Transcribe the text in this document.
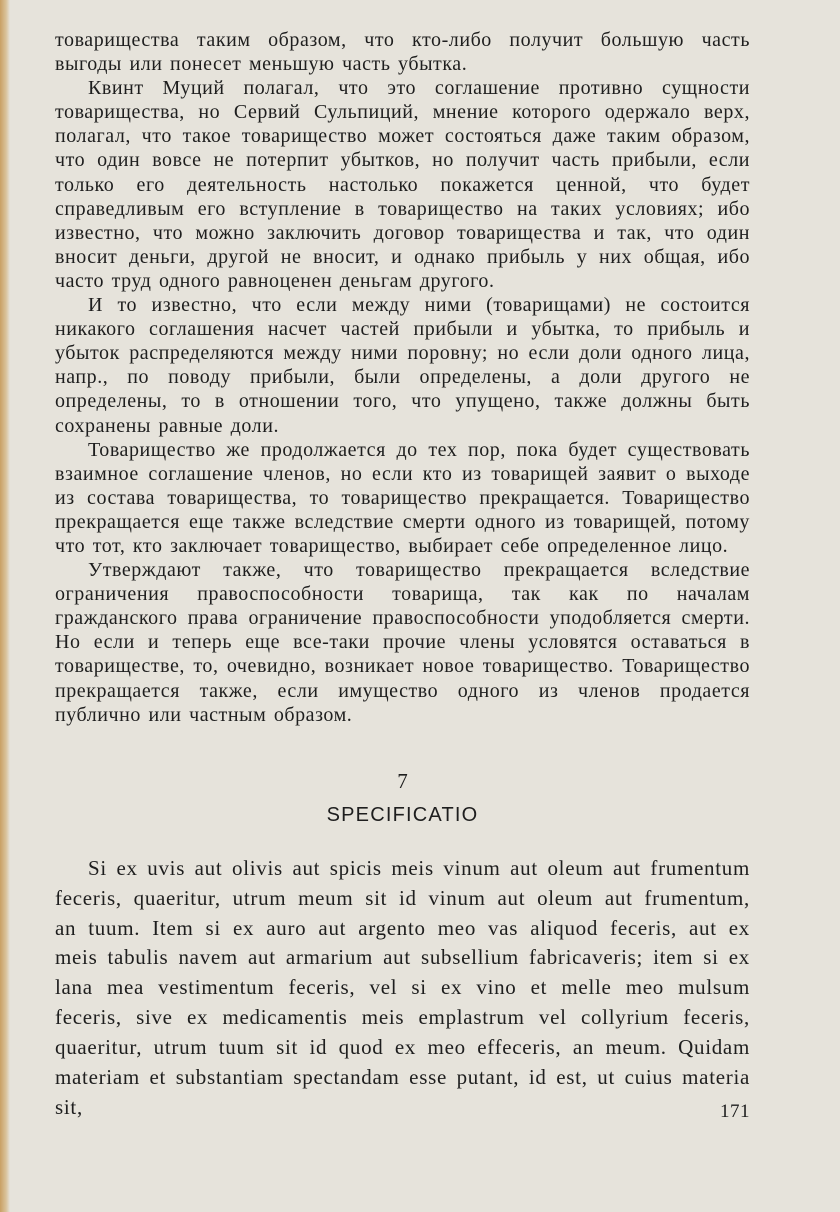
товарищества таким образом, что кто-либо получит большую часть выгоды или понесет меньшую часть убытка.

Квинт Муций полагал, что это соглашение противно сущности товарищества, но Сервий Сульпиций, мнение которого одержало верх, полагал, что такое товарищество может состояться даже таким образом, что один вовсе не потерпит убытков, но получит часть прибыли, если только его деятельность настолько покажется ценной, что будет справедливым его вступление в товарищество на таких условиях; ибо известно, что можно заключить договор товарищества и так, что один вносит деньги, другой не вносит, и однако прибыль у них общая, ибо часто труд одного равноценен деньгам другого.

И то известно, что если между ними (товарищами) не состоится никакого соглашения насчет частей прибыли и убытка, то прибыль и убыток распределяются между ними поровну; но если доли одного лица, напр., по поводу прибыли, были определены, а доли другого не определены, то в отношении того, что упущено, также должны быть сохранены равные доли.

Товарищество же продолжается до тех пор, пока будет существовать взаимное соглашение членов, но если кто из товарищей заявит о выходе из состава товарищества, то товарищество прекращается. Товарищество прекращается еще также вследствие смерти одного из товарищей, потому что тот, кто заключает товарищество, выбирает себе определенное лицо.

Утверждают также, что товарищество прекращается вследствие ограничения правоспособности товарища, так как по началам гражданского права ограничение правоспособности уподобляется смерти. Но если и теперь еще все-таки прочие члены условятся оставаться в товариществе, то, очевидно, возникает новое товарищество. Товарищество прекращается также, если имущество одного из членов продается публично или частным образом.

7
SPECIFICATIO

Si ex uvis aut olivis aut spicis meis vinum aut oleum aut frumentum feceris, quaeritur, utrum meum sit id vinum aut oleum aut frumentum, an tuum. Item si ex auro aut argento meo vas aliquod feceris, aut ex meis tabulis navem aut armarium aut subsellium fabricaveris; item si ex lana mea vestimentum feceris, vel si ex vino et melle meo mulsum feceris, sive ex medicamentis meis emplastrum vel collyrium feceris, quaeritur, utrum tuum sit id quod ex meo effeceris, an meum. Quidam materiam et substantiam spectandam esse putant, id est, ut cuius materia sit,	171
